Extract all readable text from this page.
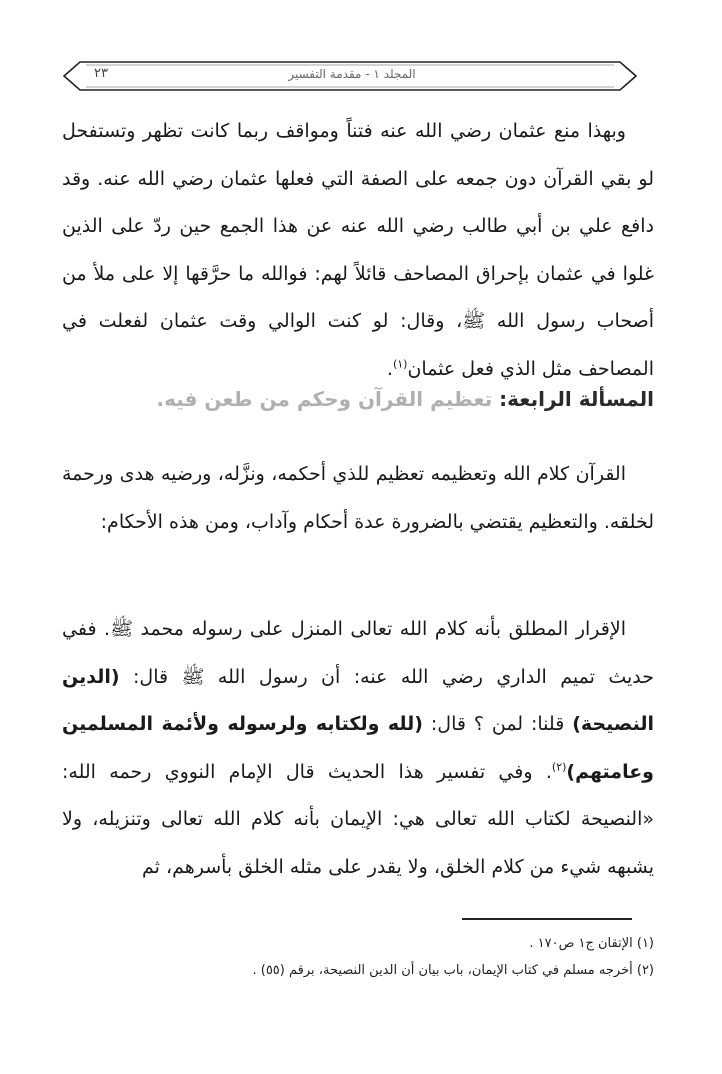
٢٣	المجلد ١ - مقدمة التفسير

وبهذا منع عثمان رضي الله عنه فتناً ومواقف ربما كانت تظهر وتستفحل لو بقي القرآن دون جمعه على الصفة التي فعلها عثمان رضي الله عنه. وقد دافع علي بن أبي طالب رضي الله عنه عن هذا الجمع حين ردّ على الذين غلوا في عثمان بإحراق المصاحف قائلاً لهم: فوالله ما حرَّقها إلا على ملأ من أصحاب رسول الله ﷺ، وقال: لو كنت الوالي وقت عثمان لفعلت في المصاحف مثل الذي فعل عثمان$^{(١)}$.

المسألة الرابعة: تعظيم القرآن وحكم من طعن فيه.

القرآن كلام الله وتعظيمه تعظيم للذي أحكمه، ونزَّله، ورضيه هدى ورحمة لخلقه. والتعظيم يقتضي بالضرورة عدة أحكام وآداب، ومن هذه الأحكام:

الإقرار المطلق بأنه كلام الله تعالى المنزل على رسوله محمد ﷺ. ففي حديث تميم الداري رضي الله عنه: أن رسول الله ﷺ قال: (الدين النصيحة) قلنا: لمن ؟ قال: (لله ولكتابه ولرسوله ولأئمة المسلمين وعامتهم)$^{(٢)}$. وفي تفسير هذا الحديث قال الإمام النووي رحمه الله: «النصيحة لكتاب الله تعالى هي: الإيمان بأنه كلام الله تعالى وتنزيله، ولا يشبهه شيء من كلام الخلق، ولا يقدر على مثله الخلق بأسرهم، ثم

(١) الإتقان ج١ ص١٧٠ .

(٢) أخرجه مسلم في كتاب الإيمان، باب بيان أن الدين النصيحة، برقم (٥٥) .
